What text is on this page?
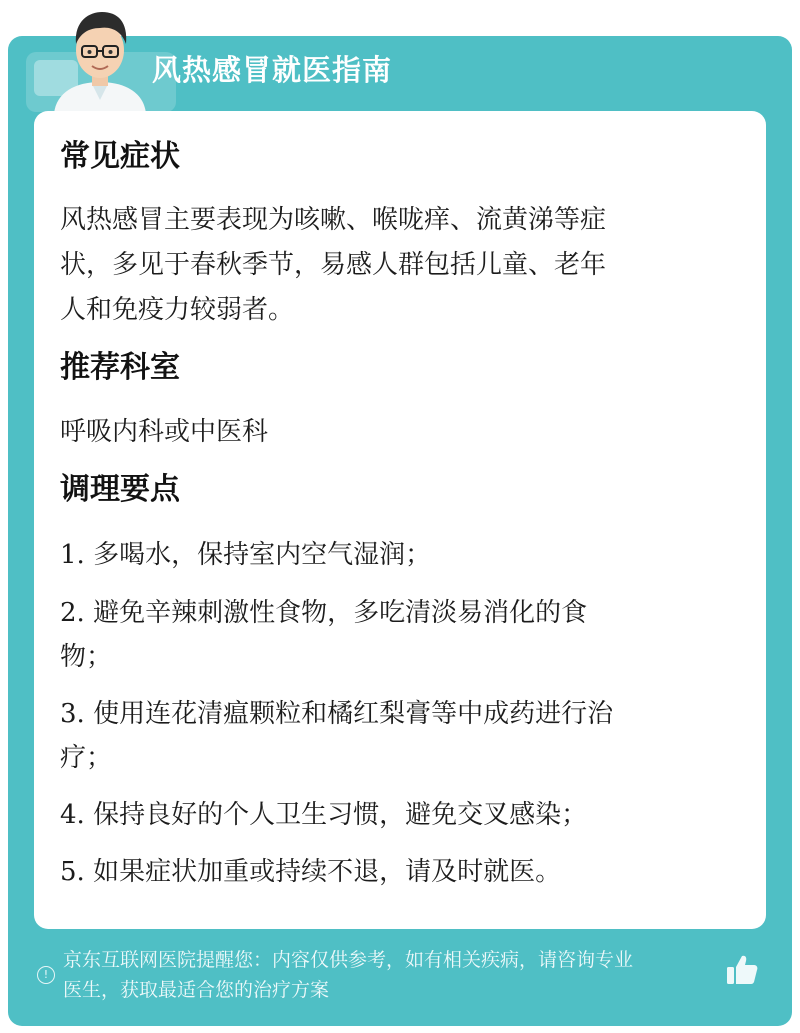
风热感冒就医指南
常见症状
风热感冒主要表现为咳嗽、喉咙痒、流黄涕等症
状，多见于春秋季节，易感人群包括儿童、老年
人和免疫力较弱者。
推荐科室
呼吸内科或中医科
调理要点
1. 多喝水，保持室内空气湿润；
2. 避免辛辣刺激性食物，多吃清淡易消化的食
物；
3. 使用连花清瘟颗粒和橘红梨膏等中成药进行治
疗；
4. 保持良好的个人卫生习惯，避免交叉感染；
5. 如果症状加重或持续不退，请及时就医。
!
京东互联网医院提醒您：内容仅供参考，如有相关疾病，请咨询专业
医生，获取最适合您的治疗方案
